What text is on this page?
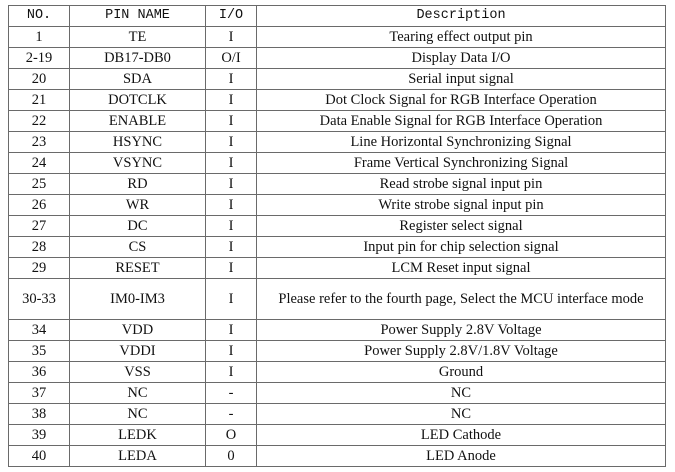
NO.	PIN NAME	I/O	Description
1	TE	I	Tearing effect output pin
2-19	DB17-DB0	O/I	Display Data I/O
20	SDA	I	Serial input signal
21	DOTCLK	I	Dot Clock Signal for RGB Interface Operation
22	ENABLE	I	Data Enable Signal for RGB Interface Operation
23	HSYNC	I	Line Horizontal Synchronizing Signal
24	VSYNC	I	Frame Vertical Synchronizing Signal
25	RD	I	Read strobe signal input pin
26	WR	I	Write strobe signal input pin
27	DC	I	Register select signal
28	CS	I	Input pin for chip selection signal
29	RESET	I	LCM Reset input signal
30-33	IM0-IM3	I	Please refer to the fourth page, Select the MCU interface mode
34	VDD	I	Power Supply 2.8V Voltage
35	VDDI	I	Power Supply 2.8V/1.8V Voltage
36	VSS	I	Ground
37	NC	-	NC
38	NC	-	NC
39	LEDK	O	LED Cathode
40	LEDA	0	LED Anode
